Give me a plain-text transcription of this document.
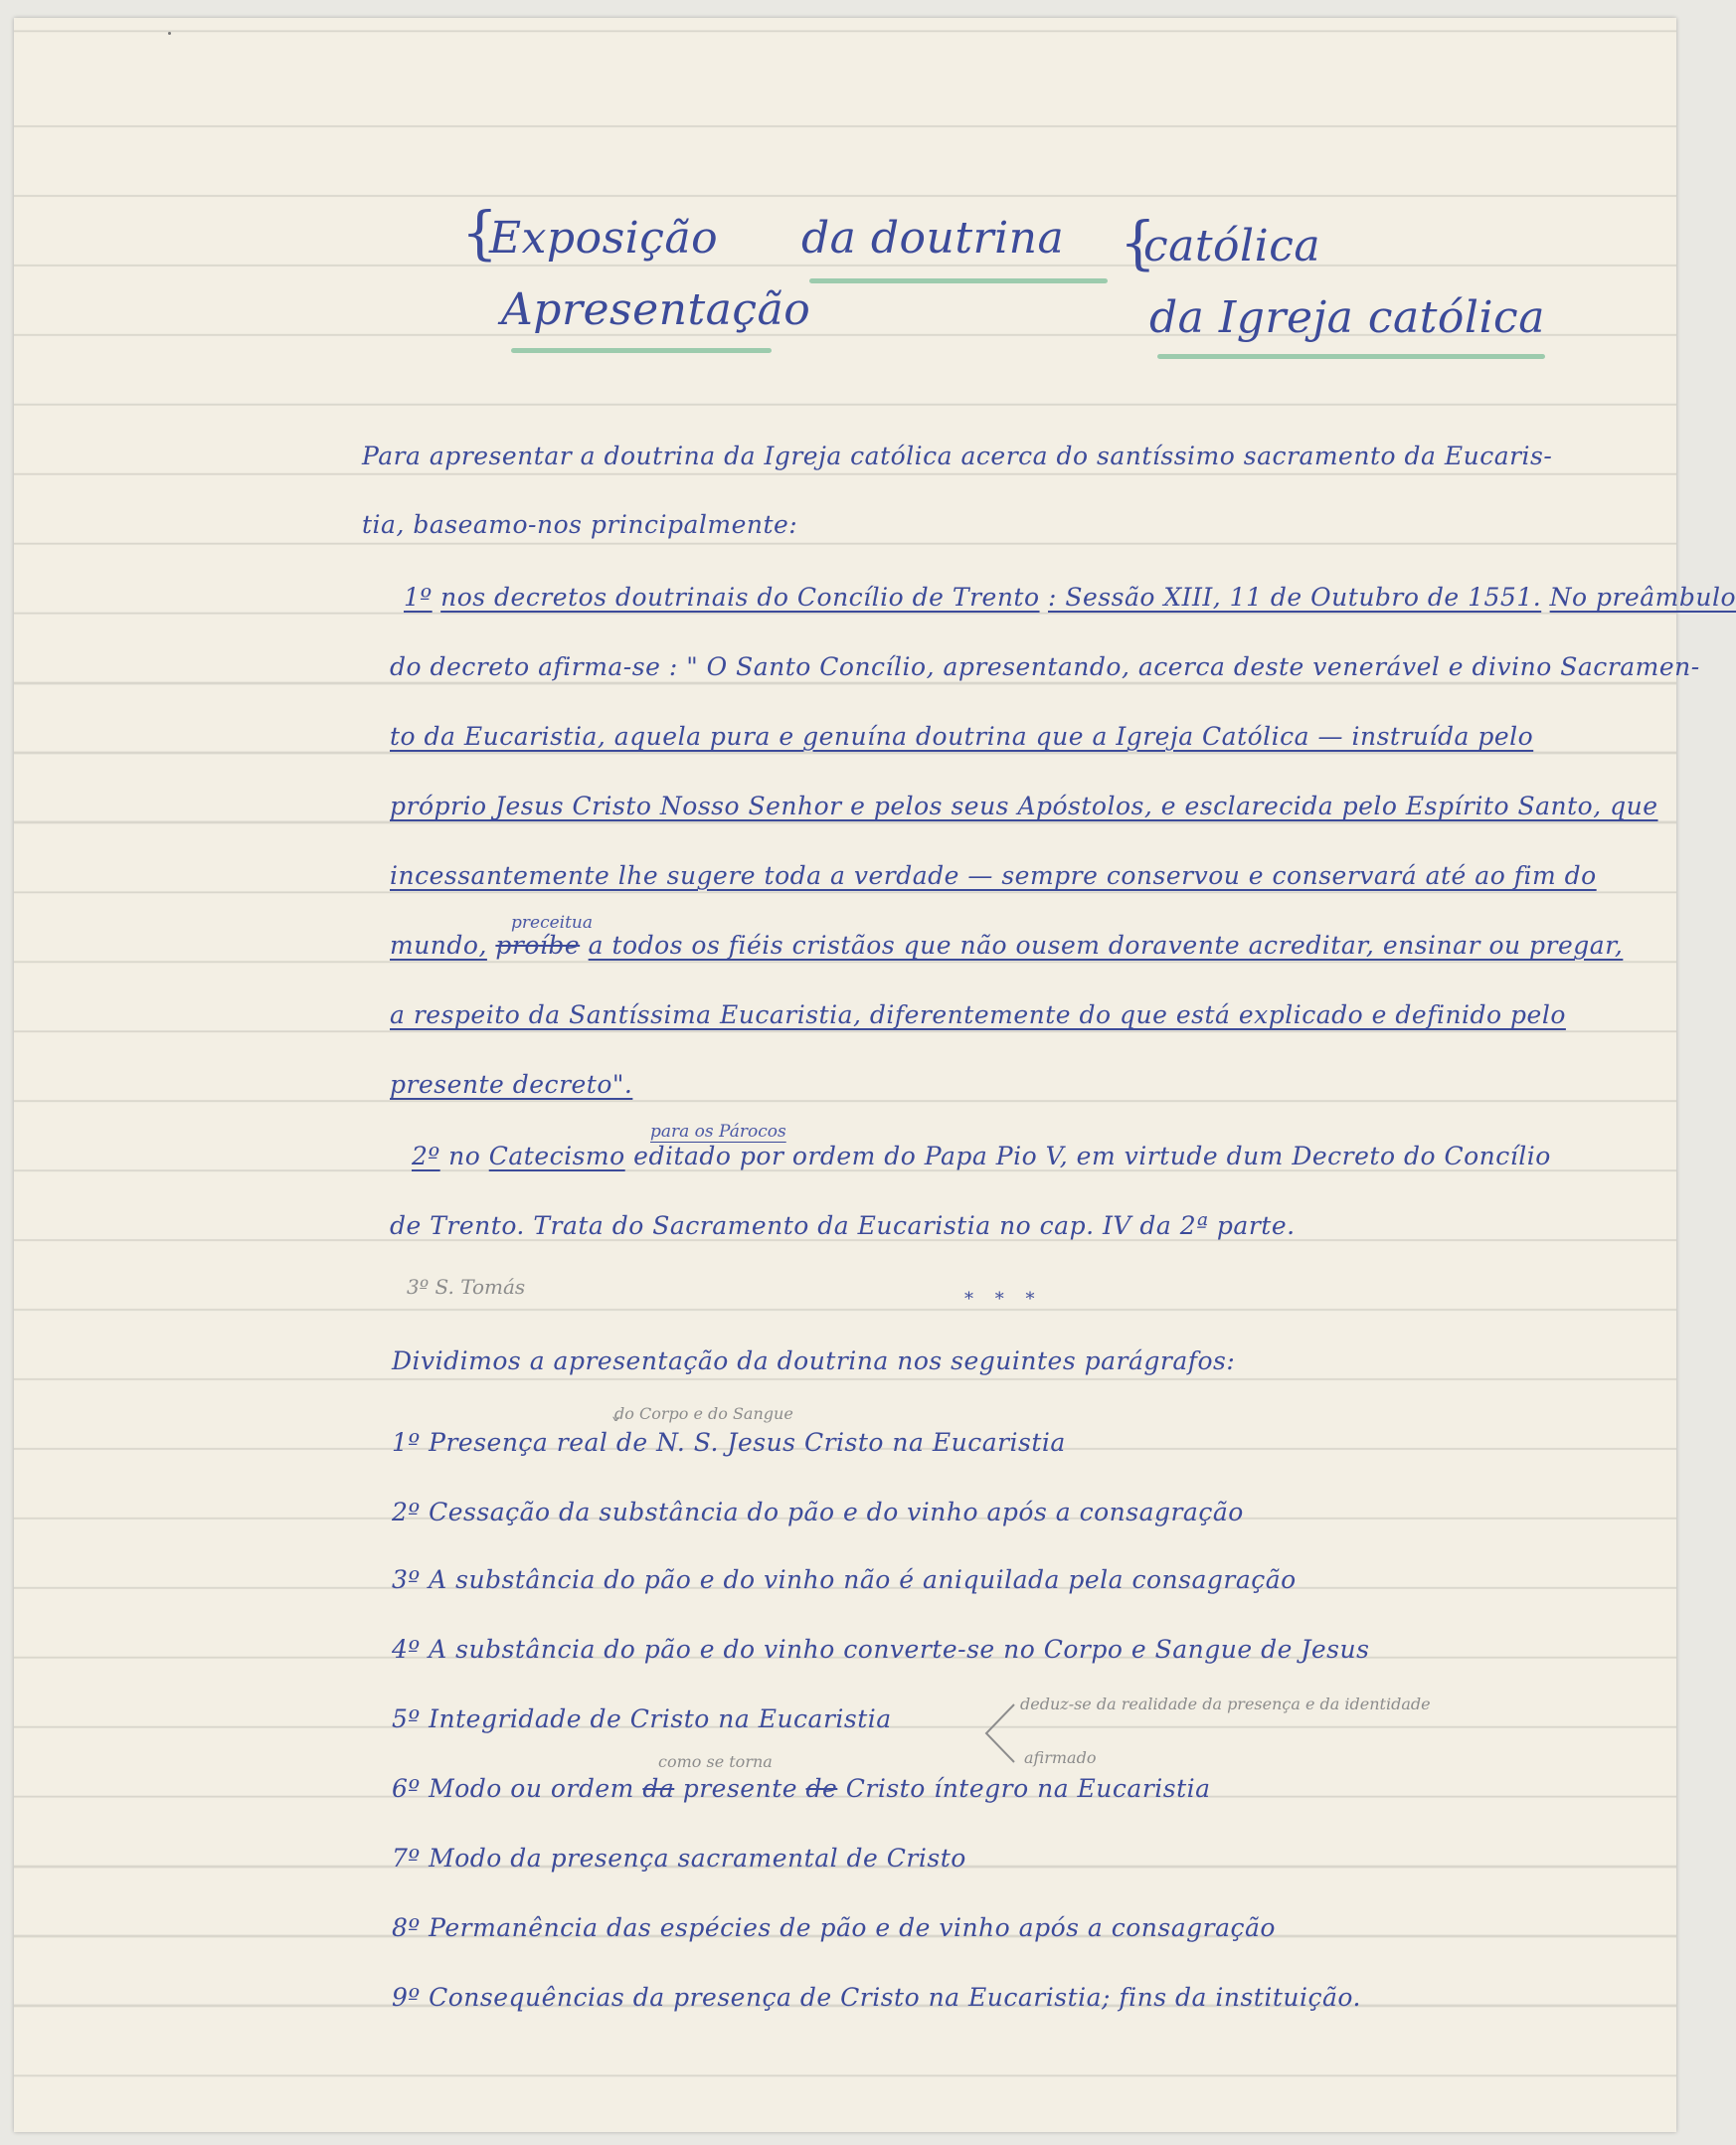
{
Exposição da doutrina {
católica
Apresentação	da Igreja católica
Para apresentar a doutrina da Igreja católica acerca do santíssimo sacramento da Eucaris-
tia, baseamo-nos principalmente:
1º nos decretos doutrinais do Concílio de Trento : Sessão XIII, 11 de Outubro de 1551. No preâmbulo
do decreto afirma-se : " O Santo Concílio, apresentando, acerca deste venerável e divino Sacramen-
to da Eucaristia, aquela pura e genuína doutrina que a Igreja Católica — instruída pelo
próprio Jesus Cristo Nosso Senhor e pelos seus Apóstolos, e esclarecida pelo Espírito Santo, que
incessantemente lhe sugere toda a verdade — sempre conservou e conservará até ao fim do
preceitua
mundo, proíbe a todos os fiéis cristãos que não ousem doravente acreditar, ensinar ou pregar,
a respeito da Santíssima Eucaristia, diferentemente do que está explicado e definido pelo
presente decreto".
para os Párocos
2º no Catecismo editado por ordem do Papa Pio V, em virtude dum Decreto do Concílio
de Trento. Trata do Sacramento da Eucaristia no cap. IV da 2ª parte.
3º S. Tomás
* * *
Dividimos a apresentação da doutrina nos seguintes parágrafos:
do Corpo e do Sangue
ˇ
1º Presença real de N. S. Jesus Cristo na Eucaristia
2º Cessação da substância do pão e do vinho após a consagração
3º A substância do pão e do vinho não é aniquilada pela consagração
4º A substância do pão e do vinho converte-se no Corpo e Sangue de Jesus
5º Integridade de Cristo na Eucaristia
deduz-se da realidade da presença e da identidade
afirmado
como se torna
6º Modo ou ordem da presente de Cristo íntegro na Eucaristia
7º Modo da presença sacramental de Cristo
8º Permanência das espécies de pão e de vinho após a consagração
9º Consequências da presença de Cristo na Eucaristia; fins da instituição.
